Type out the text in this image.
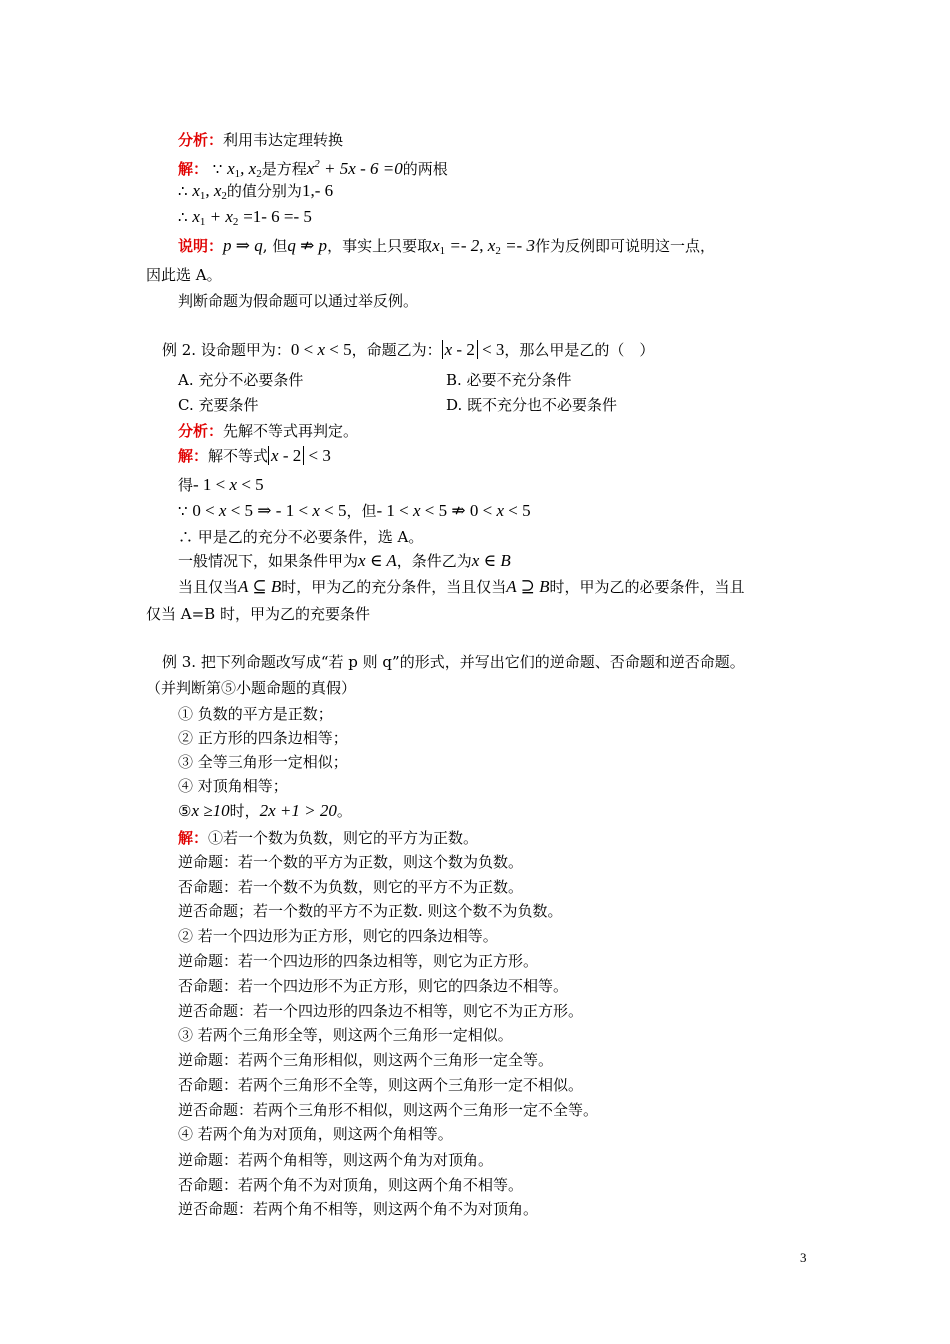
分析：利用韦达定理转换
解： ∵ $x_1$, $x_2$是方程$x^2 + 5x - 6 =0$的两根
∴ $x_1$, $x_2$的值分别为1,- 6
∴ $x_1 + x_2 =1-$ 6 =- 5
说明：p ⇒ q, 但q ⇏ p，事实上只要取$x_1 =- 2$, $x_2 =- 3$作为反例即可说明这一点，
因此选 A。
判断命题为假命题可以通过举反例。
例 2. 设命题甲为：0 < x < 5，命题乙为： x - 2 < 3，那么甲是乙的（　）
A. 充分不必要条件	B. 必要不充分条件
C. 充要条件	D. 既不充分也不必要条件
分析：先解不等式再判定。
解：解不等式 x - 2 < 3
得- 1 < x < 5
∵ 0 < x < 5 ⇒ - 1 < x < 5，但- 1 < x < 5 ⇏ 0 < x < 5
∴ 甲是乙的充分不必要条件，选 A。
一般情况下，如果条件甲为x ∈ A，条件乙为x ∈ B
当且仅当A ⊆ B时，甲为乙的充分条件，当且仅当A ⊇ B时，甲为乙的必要条件，当且
仅当 A=B 时，甲为乙的充要条件
例 3. 把下列命题改写成“若 p 则 q”的形式，并写出它们的逆命题、否命题和逆否命题。
（并判断第⑤小题命题的真假）
① 负数的平方是正数；
② 正方形的四条边相等；
③ 全等三角形一定相似；
④ 对顶角相等；
⑤x ≥10时，2x +1 > 20。
解：①若一个数为负数，则它的平方为正数。
逆命题：若一个数的平方为正数，则这个数为负数。
否命题：若一个数不为负数，则它的平方不为正数。
逆否命题；若一个数的平方不为正数. 则这个数不为负数。
② 若一个四边形为正方形，则它的四条边相等。
逆命题：若一个四边形的四条边相等，则它为正方形。
否命题：若一个四边形不为正方形，则它的四条边不相等。
逆否命题：若一个四边形的四条边不相等，则它不为正方形。
③ 若两个三角形全等，则这两个三角形一定相似。
逆命题：若两个三角形相似，则这两个三角形一定全等。
否命题：若两个三角形不全等，则这两个三角形一定不相似。
逆否命题：若两个三角形不相似，则这两个三角形一定不全等。
④ 若两个角为对顶角，则这两个角相等。
逆命题：若两个角相等，则这两个角为对顶角。
否命题：若两个角不为对顶角，则这两个角不相等。
逆否命题：若两个角不相等，则这两个角不为对顶角。
3
